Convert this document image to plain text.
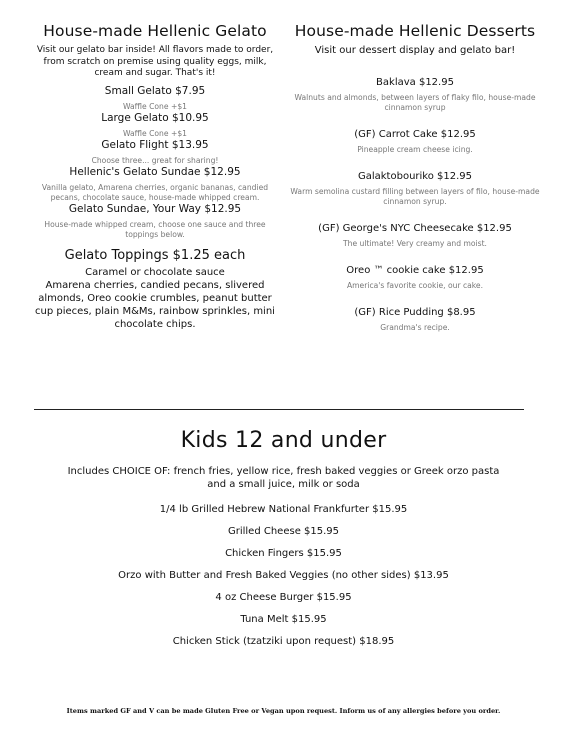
House-made Hellenic Gelato
Visit our gelato bar inside! All flavors made to order, from scratch on premise using quality eggs, milk, cream and sugar. That's it!
Small Gelato $7.95
Waffle Cone +$1
Large Gelato $10.95
Waffle Cone +$1
Gelato Flight $13.95
Choose three... great for sharing!
Hellenic's Gelato Sundae $12.95
Vanilla gelato, Amarena cherries, organic bananas, candied pecans, chocolate sauce, house-made whipped cream.
Gelato Sundae, Your Way $12.95
House-made whipped cream, choose one sauce and three toppings below.
Gelato Toppings $1.25 each
Caramel or chocolate sauce
Amarena cherries, candied pecans, slivered almonds, Oreo cookie crumbles, peanut butter cup pieces, plain M&Ms, rainbow sprinkles, mini chocolate chips.
House-made Hellenic Desserts
Visit our dessert display and gelato bar!
Baklava $12.95
Walnuts and almonds, between layers of flaky filo, house-made cinnamon syrup
(GF) Carrot Cake $12.95
Pineapple cream cheese icing.
Galaktobouriko $12.95
Warm semolina custard filling between layers of filo, house-made cinnamon syrup.
(GF) George's NYC Cheesecake $12.95
The ultimate! Very creamy and moist.
Oreo ™ cookie cake $12.95
America's favorite cookie, our cake.
(GF) Rice Pudding $8.95
Grandma's recipe.
Kids 12 and under
Includes CHOICE OF: french fries, yellow rice, fresh baked veggies or Greek orzo pasta
and a small juice, milk or soda
1/4 lb Grilled Hebrew National Frankfurter $15.95
Grilled Cheese $15.95
Chicken Fingers $15.95
Orzo with Butter and Fresh Baked Veggies (no other sides) $13.95
4 oz Cheese Burger $15.95
Tuna Melt $15.95
Chicken Stick (tzatziki upon request) $18.95
Items marked GF and V can be made Gluten Free or Vegan upon request. Inform us of any allergies before you order.
